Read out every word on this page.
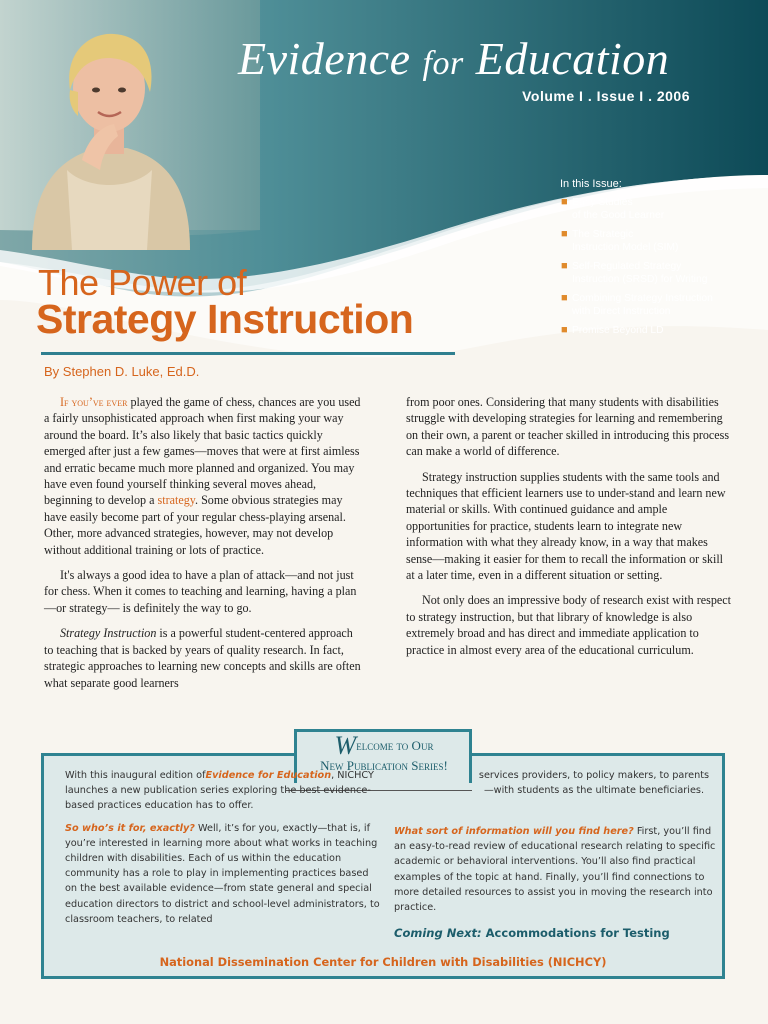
Evidence for Education
Volume I . Issue I . 2006
In this Issue:
■ Early Studies
of the Good Learner
■ The Strategic
Instruction Model (SIM)
■ Self-Regulated Strategy
Instruction (SRSD) for Writing
■ Combining Strategy Instruction
with Direct Instruction
■ Promise Beyond LD
The Power of
Strategy Instruction
By Stephen D. Luke, Ed.D.

If you’ve ever played the game of chess, chances are you used a fairly unsophisticated approach when first making your way around the board. It’s also likely that basic tactics quickly emerged after just a few games—moves that were at first aimless and erratic became much more planned and organized. You may have even found yourself thinking several moves ahead, beginning to develop a strategy. Some obvious strategies may have easily become part of your regular chess-playing arsenal. Other, more advanced strategies, however, may not develop without additional training or lots of practice.

It's always a good idea to have a plan of attack—and not just for chess. When it comes to teaching and learning, having a plan—or strategy— is definitely the way to go.

Strategy Instruction is a powerful student-centered approach to teaching that is backed by years of quality research. In fact, strategic approaches to learning new concepts and skills are often what separate good learners

from poor ones. Considering that many students with disabilities struggle with developing strategies for learning and remembering on their own, a parent or teacher skilled in introducing this process can make a world of difference.

Strategy instruction supplies students with the same tools and techniques that efficient learners use to under-stand and learn new material or skills. With continued guidance and ample opportunities for practice, students learn to integrate new information with what they already know, in a way that makes sense—making it easier for them to recall the information or skill at a later time, even in a different situation or setting.

Not only does an impressive body of research exist with respect to strategy instruction, but that library of knowledge is also extremely broad and has direct and immediate application to practice in almost every area of the educational curriculum.

Welcome to Our
New Publication Series!

With this inaugural edition ofEvidence for Education, NICHCY launches a new publication series exploring the best evidence-based practices education has to offer.

So who’s it for, exactly? Well, it’s for you, exactly—that is, if you’re interested in learning more about what works in teaching children with disabilities. Each of us within the education community has a role to play in implementing practices based on the best available evidence—from state general and special education directors to district and school-level administrators, to classroom teachers, to related

services providers, to policy makers, to parents—with students as the ultimate beneficiaries.

What sort of information will you find here? First, you’ll find an easy-to-read review of educational research relating to specific academic or behavioral interventions. You’ll also find practical examples of the topic at hand. Finally, you’ll find connections to more detailed resources to assist you in moving the research into practice.

Coming Next: Accommodations for Testing
National Dissemination Center for Children with Disabilities (NICHCY)
